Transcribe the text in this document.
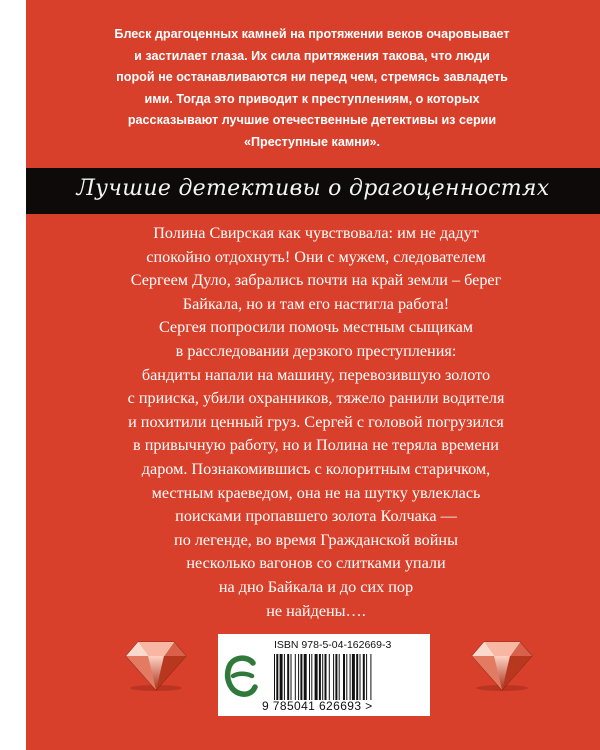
Блеск драгоценных камней на протяжении веков очаровывает
и застилает глаза. Их сила притяжения такова, что люди
порой не останавливаются ни перед чем, стремясь завладеть
ими. Тогда это приводит к преступлениям, о которых
рассказывают лучшие отечественные детективы из серии
«Преступные камни».
Лучшие детективы о драгоценностях
Полина Свирская как чувствовала: им не дадут
спокойно отдохнуть! Они с мужем, следователем
Сергеем Дуло, забрались почти на край земли – берег
Байкала, но и там его настигла работа!
Сергея попросили помочь местным сыщикам
в расследовании дерзкого преступления:
бандиты напали на машину, перевозившую золото
с прииска, убили охранников, тяжело ранили водителя
и похитили ценный груз. Сергей с головой погрузился
в привычную работу, но и Полина не теряла времени
даром. Познакомившись с колоритным старичком,
местным краеведом, она не на шутку увлеклась
поисками пропавшего золота Колчака —
по легенде, во время Гражданской войны
несколько вагонов со слитками упали
на дно Байкала и до сих пор
не найдены….
ISBN 978-5-04-162669-3
9 785041 626693 >
